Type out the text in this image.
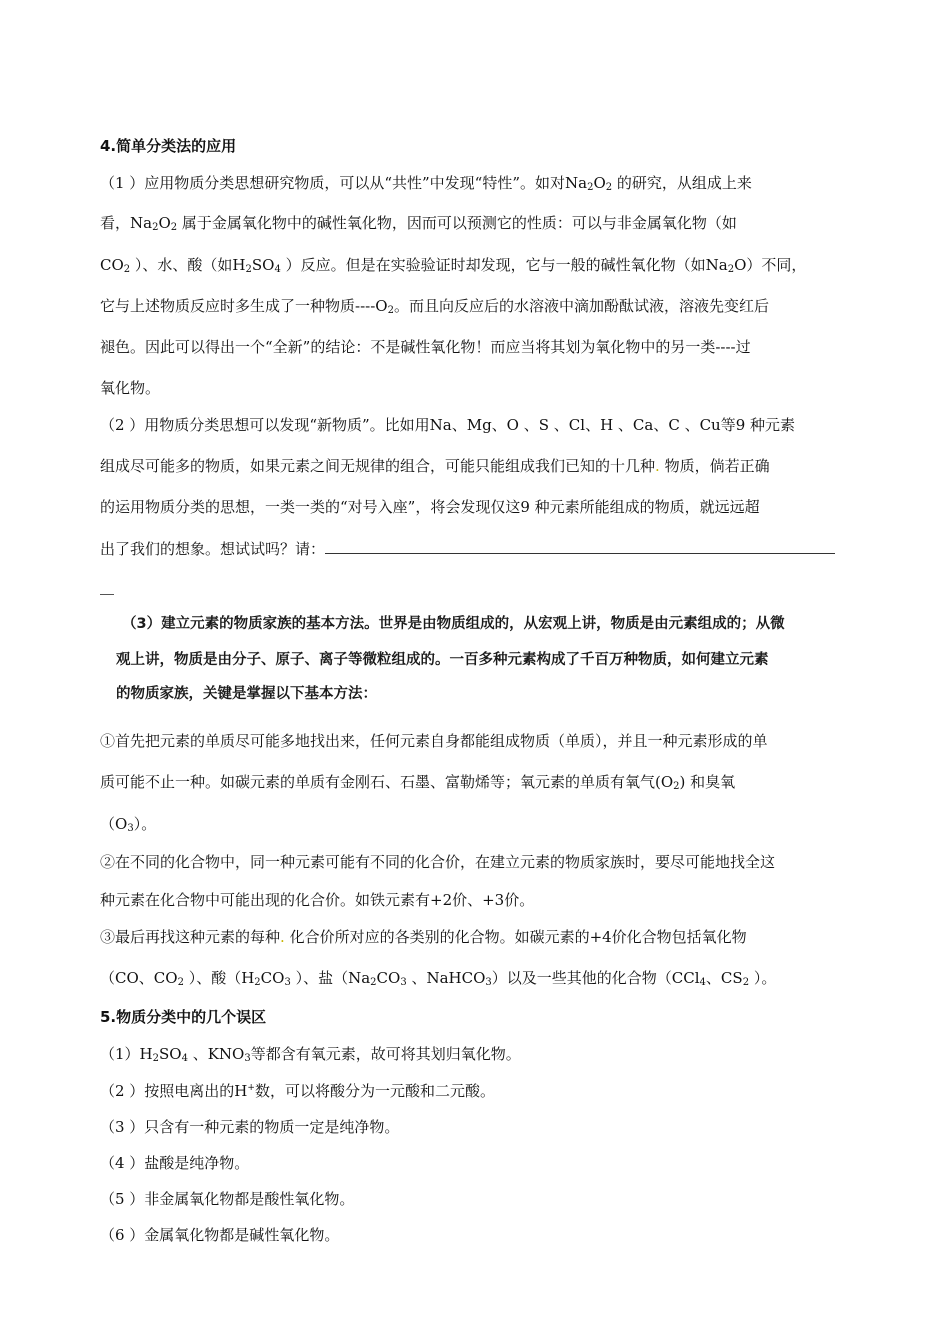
4.简单分类法的应用
（1 ）应用物质分类思想研究物质，可以从“共性”中发现“特性”。如对$Na_2O_2$ 的研究，从组成上来
看，$Na_2O_2$ 属于金属氧化物中的碱性氧化物，因而可以预测它的性质：可以与非金属氧化物（如
$CO_2$ ）、水、酸（如$H_2SO_4$ ）反应。但是在实验验证时却发现，它与一般的碱性氧化物（如$Na_2O$）不同，
它与上述物质反应时多生成了一种物质$----O_2$。而且向反应后的水溶液中滴加酚酞试液，溶液先变红后
褪色。因此可以得出一个“全新”的结论：不是碱性氧化物！而应当将其划为氧化物中的另一类----过
氧化物。
（2 ）用物质分类思想可以发现“新物质”。比如用Na、Mg、O 、S 、Cl、H 、Ca、C 、Cu等9 种元素
组成尽可能多的物质，如果元素之间无规律的组合，可能只能组成我们已知的十几种. 物质，倘若正确
的运用物质分类的思想，一类一类的“对号入座”，将会发现仅这9 种元素所能组成的物质，就远远超
出了我们的想象。想试试吗？请：
（3）建立元素的物质家族的基本方法。世界是由物质组成的，从宏观上讲，物质是由元素组成的；从微
观上讲，物质是由分子、原子、离子等微粒组成的。一百多种元素构成了千百万种物质，如何建立元素
的物质家族，关键是掌握以下基本方法：
①首先把元素的单质尽可能多地找出来，任何元素自身都能组成物质（单质），并且一种元素形成的单
质可能不止一种。如碳元素的单质有金刚石、石墨、富勒烯等；氧元素的单质有氧气$(O_2)$ 和臭氧
$(O_3)$。
②在不同的化合物中，同一种元素可能有不同的化合价，在建立元素的物质家族时，要尽可能地找全这
种元素在化合物中可能出现的化合价。如铁元素有+2价、+3价。
③最后再找这种元素的每种. 化合价所对应的各类别的化合物。如碳元素的+4价化合物包括氧化物
（CO、$CO_2$ ）、酸（$H_2CO_3$ ）、盐（$Na_2CO_3$ 、NaHCO$_3$）以及一些其他的化合物（CCl$_4$、$CS_2$ ）。
5.物质分类中的几个误区
$(1)H_2SO_4$ 、$KNO_3$等都含有氧元素，故可将其划归氧化物。
（2 ）按照电离出的H+数，可以将酸分为一元酸和二元酸。
（3 ）只含有一种元素的物质一定是纯净物。
（4 ）盐酸是纯净物。
（5 ）非金属氧化物都是酸性氧化物。
（6 ）金属氧化物都是碱性氧化物。
